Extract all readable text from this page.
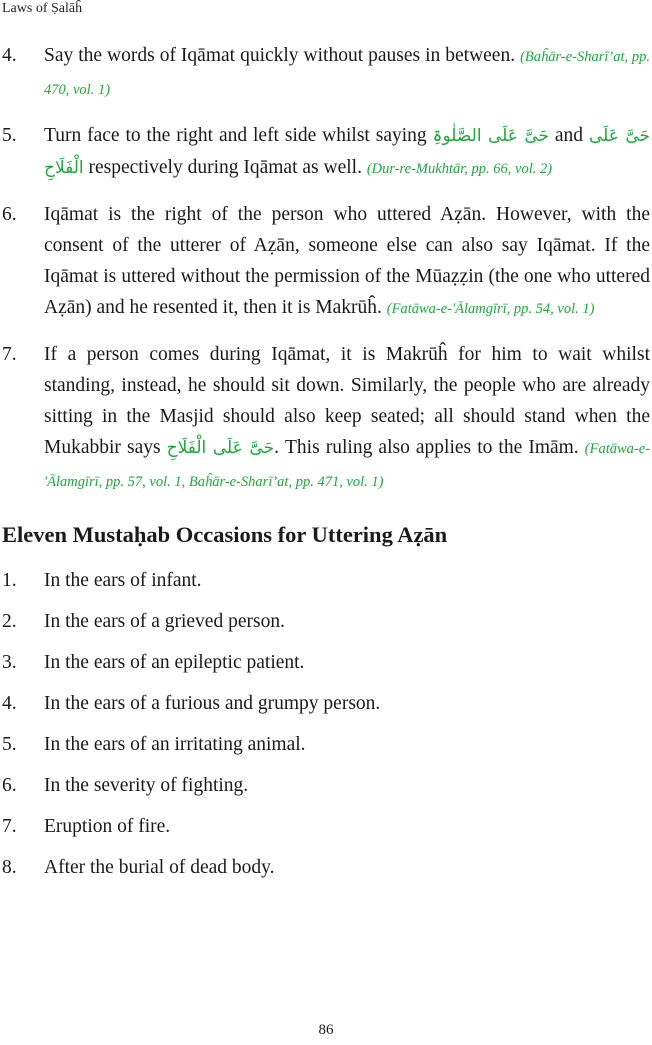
Laws of Ṣalāĥ
4. Say the words of Iqāmat quickly without pauses in between. (Baĥār-e-Sharī’at, pp. 470, vol. 1)
5. Turn face to the right and left side whilst saying حَیَّ عَلَی الصَّلٰوۃِ and حَیَّ عَلَی الْفَلَاحِ respectively during Iqāmat as well. (Dur-re-Mukhtār, pp. 66, vol. 2)
6. Iqāmat is the right of the person who uttered Aẓān. However, with the consent of the utterer of Aẓān, someone else can also say Iqāmat. If the Iqāmat is uttered without the permission of the Mūaẓẓin (the one who uttered Aẓān) and he resented it, then it is Makrūĥ. (Fatāwa-e-'Ālamgīrī, pp. 54, vol. 1)
7. If a person comes during Iqāmat, it is Makrūĥ for him to wait whilst standing, instead, he should sit down. Similarly, the people who are already sitting in the Masjid should also keep seated; all should stand when the Mukabbir says حَیَّ عَلَی الْفَلَاحِ. This ruling also applies to the Imām. (Fatāwa-e-'Ālamgīrī, pp. 57, vol. 1, Baĥār-e-Sharī’at, pp. 471, vol. 1)
Eleven Mustaḥab Occasions for Uttering Aẓān
1. In the ears of infant.
2. In the ears of a grieved person.
3. In the ears of an epileptic patient.
4. In the ears of a furious and grumpy person.
5. In the ears of an irritating animal.
6. In the severity of fighting.
7. Eruption of fire.
8. After the burial of dead body.
86
